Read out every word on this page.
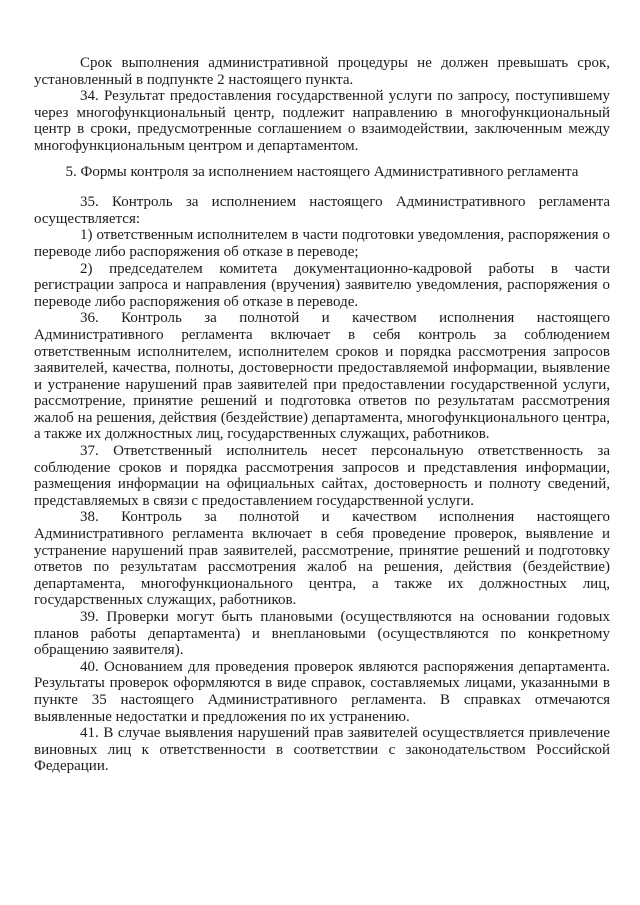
Срок выполнения административной процедуры не должен превышать срок, установленный в подпункте 2 настоящего пункта.

34. Результат предоставления государственной услуги по запросу, поступившему через многофункциональный центр, подлежит направлению в многофункциональный центр в сроки, предусмотренные соглашением о взаимодействии, заключенным между многофункциональным центром и департаментом.

5. Формы контроля за исполнением настоящего Административного регламента

35. Контроль за исполнением настоящего Административного регламента осуществляется:

1) ответственным исполнителем в части подготовки уведомления, распоряжения о переводе либо распоряжения об отказе в переводе;

2) председателем комитета документационно-кадровой работы в части регистрации запроса и направления (вручения) заявителю уведомления, распоряжения о переводе либо распоряжения об отказе в переводе.

36. Контроль за полнотой и качеством исполнения настоящего Административного регламента включает в себя контроль за соблюдением ответственным исполнителем, исполнителем сроков и порядка рассмотрения запросов заявителей, качества, полноты, достоверности предоставляемой информации, выявление и устранение нарушений прав заявителей при предоставлении государственной услуги, рассмотрение, принятие решений и подготовка ответов по результатам рассмотрения жалоб на решения, действия (бездействие) департамента, многофункционального центра, а также их должностных лиц, государственных служащих, работников.

37. Ответственный исполнитель несет персональную ответственность за соблюдение сроков и порядка рассмотрения запросов и представления информации, размещения информации на официальных сайтах, достоверность и полноту сведений, представляемых в связи с предоставлением государственной услуги.

38. Контроль за полнотой и качеством исполнения настоящего Административного регламента включает в себя проведение проверок, выявление и устранение нарушений прав заявителей, рассмотрение, принятие решений и подготовку ответов по результатам рассмотрения жалоб на решения, действия (бездействие) департамента, многофункционального центра, а также их должностных лиц, государственных служащих, работников.

39. Проверки могут быть плановыми (осуществляются на основании годовых планов работы департамента) и внеплановыми (осуществляются по конкретному обращению заявителя).

40. Основанием для проведения проверок являются распоряжения департамента. Результаты проверок оформляются в виде справок, составляемых лицами, указанными в пункте 35 настоящего Административного регламента. В справках отмечаются выявленные недостатки и предложения по их устранению.

41. В случае выявления нарушений прав заявителей осуществляется привлечение виновных лиц к ответственности в соответствии с законодательством Российской Федерации.
